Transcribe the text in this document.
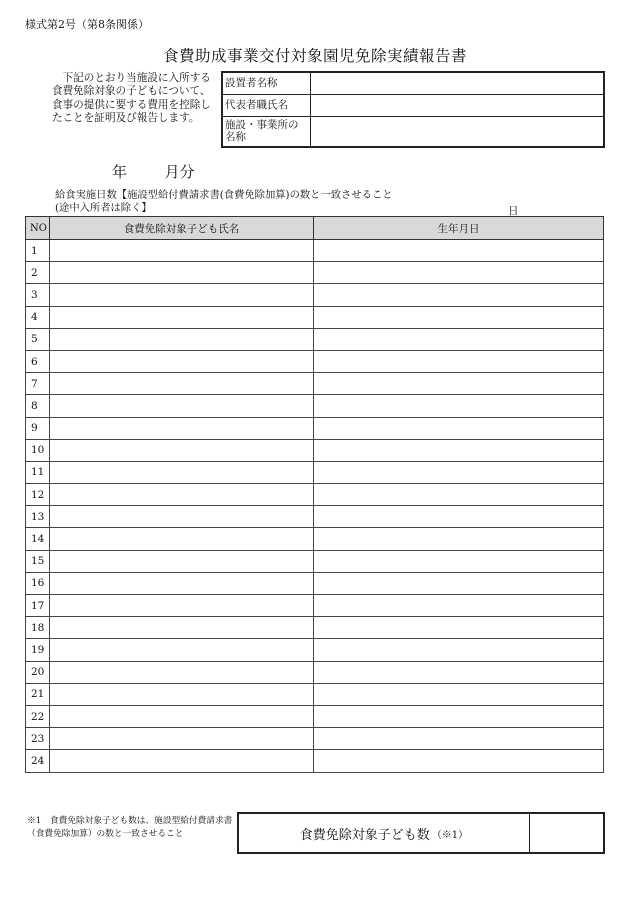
様式第2号（第8条関係）
食費助成事業交付対象園児免除実績報告書
下記のとおり当施設に入所する食費免除対象の子どもについて、食事の提供に要する費用を控除したことを証明及び報告します。
設置者名称	
代表者職氏名	
施設・事業所の名称	
年	月分
給食実施日数【施設型給付費請求書(食費免除加算)の数と一致させること(途中入所者は除く】	日
NO	食費免除対象子ども氏名	生年月日
1		
2		
3		
4		
5		
6		
7		
8		
9		
10		
11		
12		
13		
14		
15		
16		
17		
18		
19		
20		
21		
22		
23		
24		
※1　食費免除対象子ども数は、施設型給付費請求書（食費免除加算）の数と一致させること	食費免除対象子ども数 （※1）
